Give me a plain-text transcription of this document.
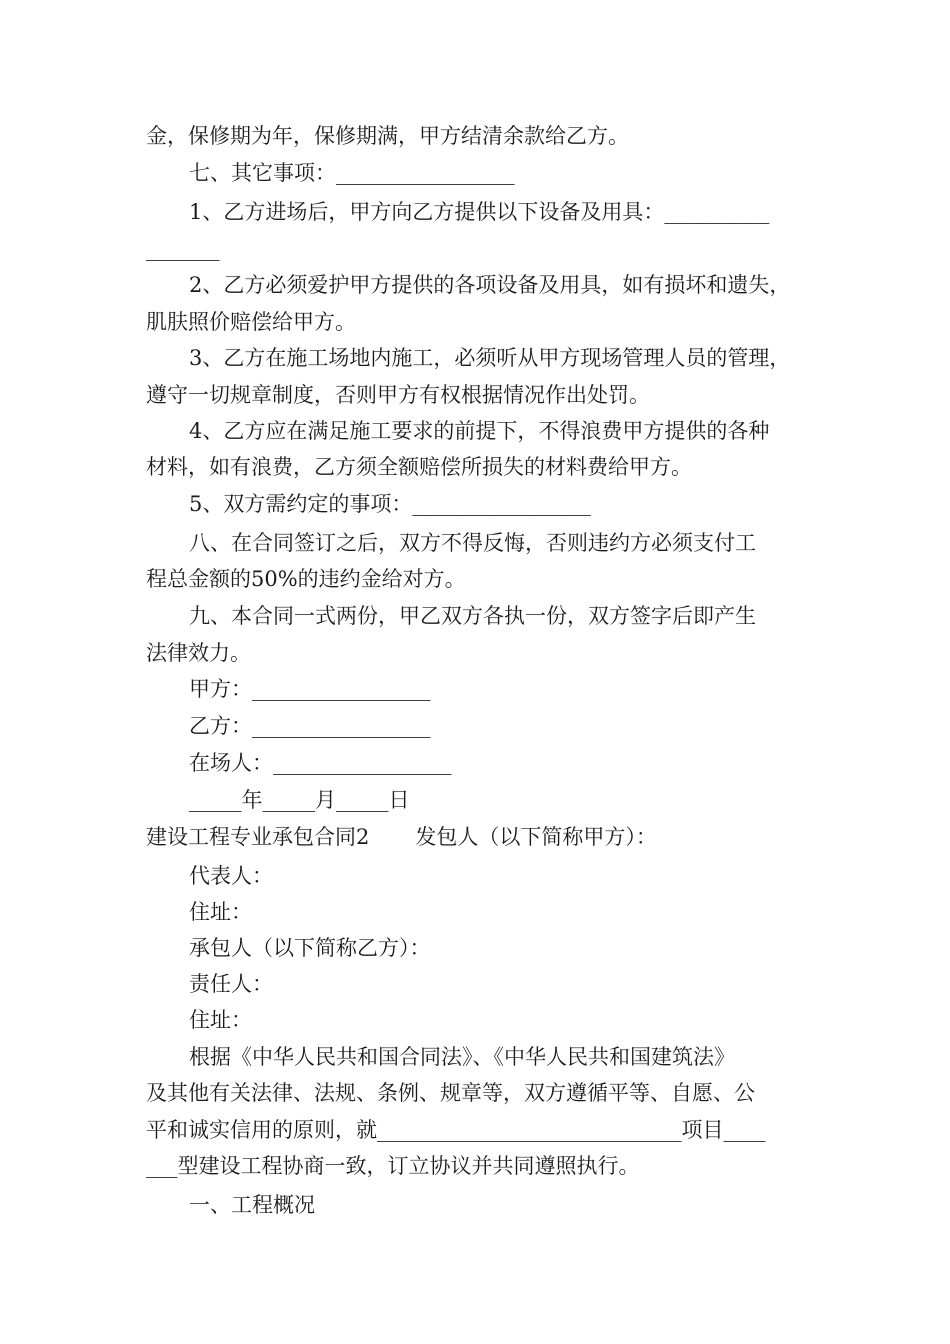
金，保修期为年，保修期满，甲方结清余款给乙方。
七、其它事项：_________________
1、乙方进场后，甲方向乙方提供以下设备及用具：__________
_______
2、乙方必须爱护甲方提供的各项设备及用具，如有损坏和遗失，
肌肤照价赔偿给甲方。
3、乙方在施工场地内施工，必须听从甲方现场管理人员的管理，
遵守一切规章制度，否则甲方有权根据情况作出处罚。
4、乙方应在满足施工要求的前提下，不得浪费甲方提供的各种
材料，如有浪费，乙方须全额赔偿所损失的材料费给甲方。
5、双方需约定的事项：_________________
八、在合同签订之后，双方不得反悔，否则违约方必须支付工
程总金额的50%的违约金给对方。
九、本合同一式两份，甲乙双方各执一份，双方签字后即产生
法律效力。
甲方：_________________
乙方：_________________
在场人：_________________
_____年_____月_____日
建设工程专业承包合同2 发包人（以下简称甲方）：
代表人：
住址：
承包人（以下简称乙方）：
责任人：
住址：
根据《中华人民共和国合同法》、《中华人民共和国建筑法》
及其他有关法律、法规、条例、规章等，双方遵循平等、自愿、公
平和诚实信用的原则，就_____________________________项目____
___型建设工程协商一致，订立协议并共同遵照执行。
一、工程概况
